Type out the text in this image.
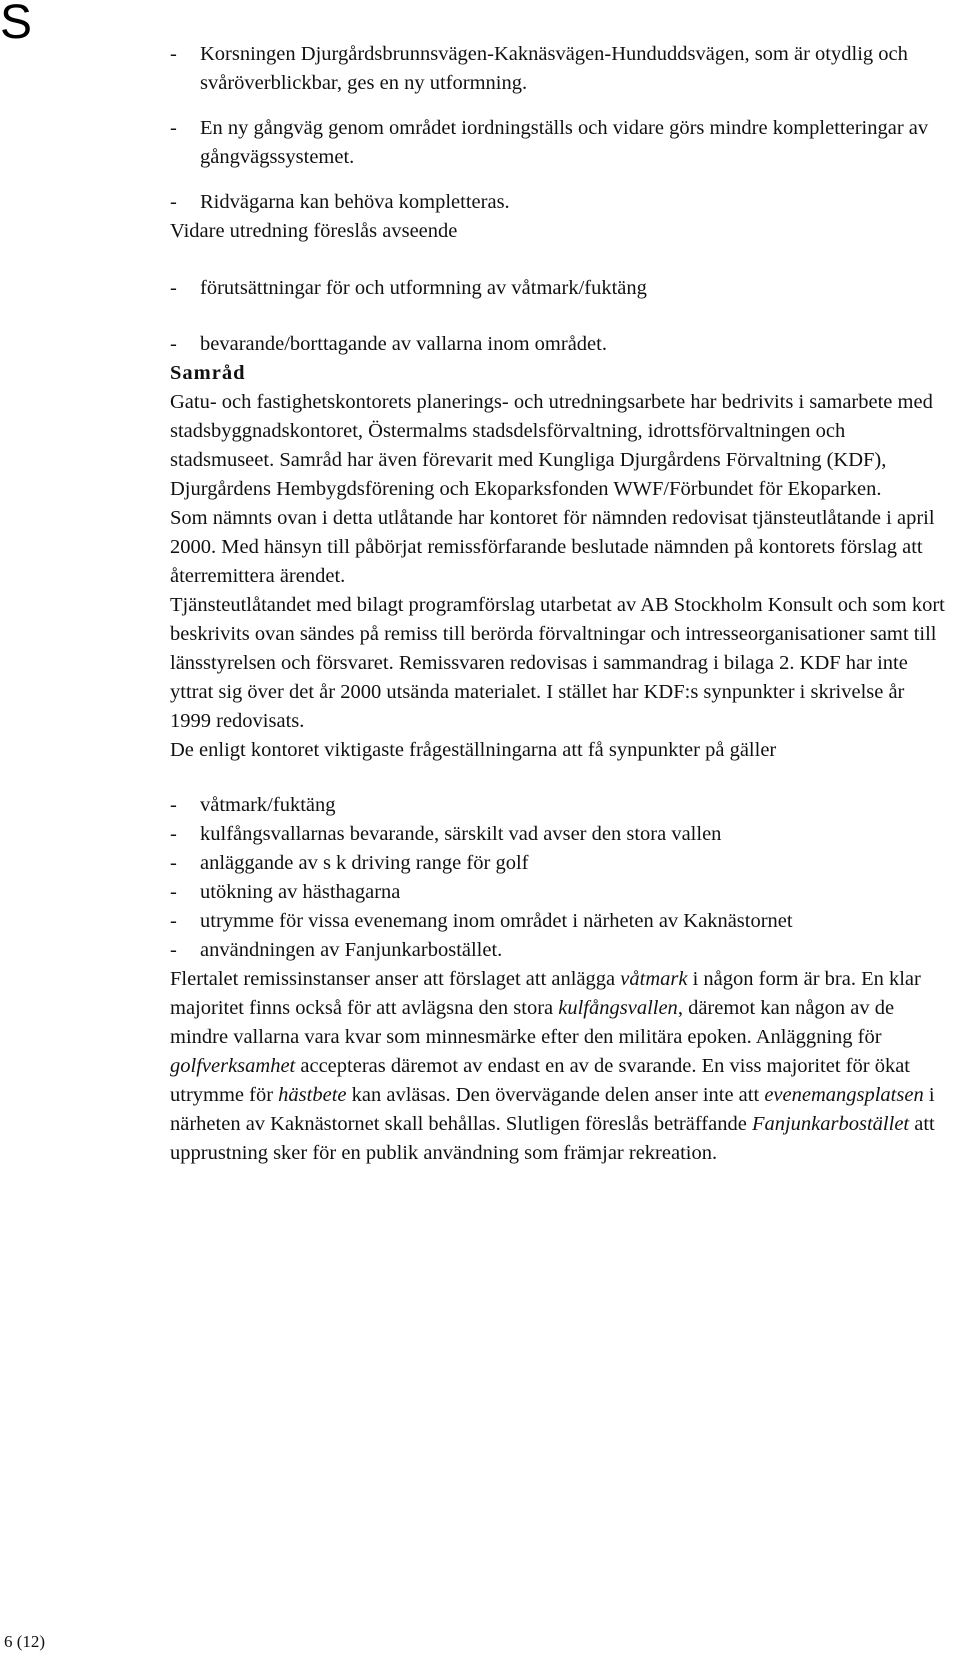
S
- Korsningen Djurgårdsbrunnsvägen-Kaknäsvägen-Hunduddsvägen, som är otydlig och svåröverblickbar, ges en ny utformning.
- En ny gångväg genom området iordningställs och vidare görs mindre kompletteringar av gångvägssystemet.
- Ridvägarna kan behöva kompletteras.

Vidare utredning föreslås avseende

- förutsättningar för och utformning av våtmark/fuktäng
- bevarande/borttagande av vallarna inom området.

Samråd

Gatu- och fastighetskontorets planerings- och utredningsarbete har bedrivits i samarbete med stadsbyggnadskontoret, Östermalms stadsdelsförvaltning, idrottsförvaltningen och stadsmuseet. Samråd har även förevarit med Kungliga Djurgårdens Förvaltning (KDF), Djurgårdens Hembygdsförening och Ekoparksfonden WWF/Förbundet för Ekoparken.

Som nämnts ovan i detta utlåtande har kontoret för nämnden redovisat tjänsteutlåtande i april 2000. Med hänsyn till påbörjat remissförfarande beslutade nämnden på kontorets förslag att återremittera ärendet.

Tjänsteutlåtandet med bilagt programförslag utarbetat av AB Stockholm Konsult och som kort beskrivits ovan sändes på remiss till berörda förvaltningar och intresseorganisationer samt till länsstyrelsen och försvaret. Remissvaren redovisas i sammandrag i bilaga 2. KDF har inte yttrat sig över det år 2000 utsända materialet. I stället har KDF:s synpunkter i skrivelse år 1999 redovisats.

De enligt kontoret viktigaste frågeställningarna att få synpunkter på gäller

- våtmark/fuktäng
- kulfångsvallarnas bevarande, särskilt vad avser den stora vallen
- anläggande av s k driving range för golf
- utökning av hästhagarna
- utrymme för vissa evenemang inom området i närheten av Kaknästornet
- användningen av Fanjunkarbostället.

Flertalet remissinstanser anser att förslaget att anlägga våtmark i någon form är bra. En klar majoritet finns också för att avlägsna den stora kulfångsvallen, däremot kan någon av de mindre vallarna vara kvar som minnesmärke efter den militära epoken. Anläggning för golfverksamhet accepteras däremot av endast en av de svarande. En viss majoritet för ökat utrymme för hästbete kan avläsas. Den övervägande delen anser inte att evenemangsplatsen i närheten av Kaknästornet skall behållas. Slutligen föreslås beträffande Fanjunkarbostället att upprustning sker för en publik användning som främjar rekreation.

6 (12)
